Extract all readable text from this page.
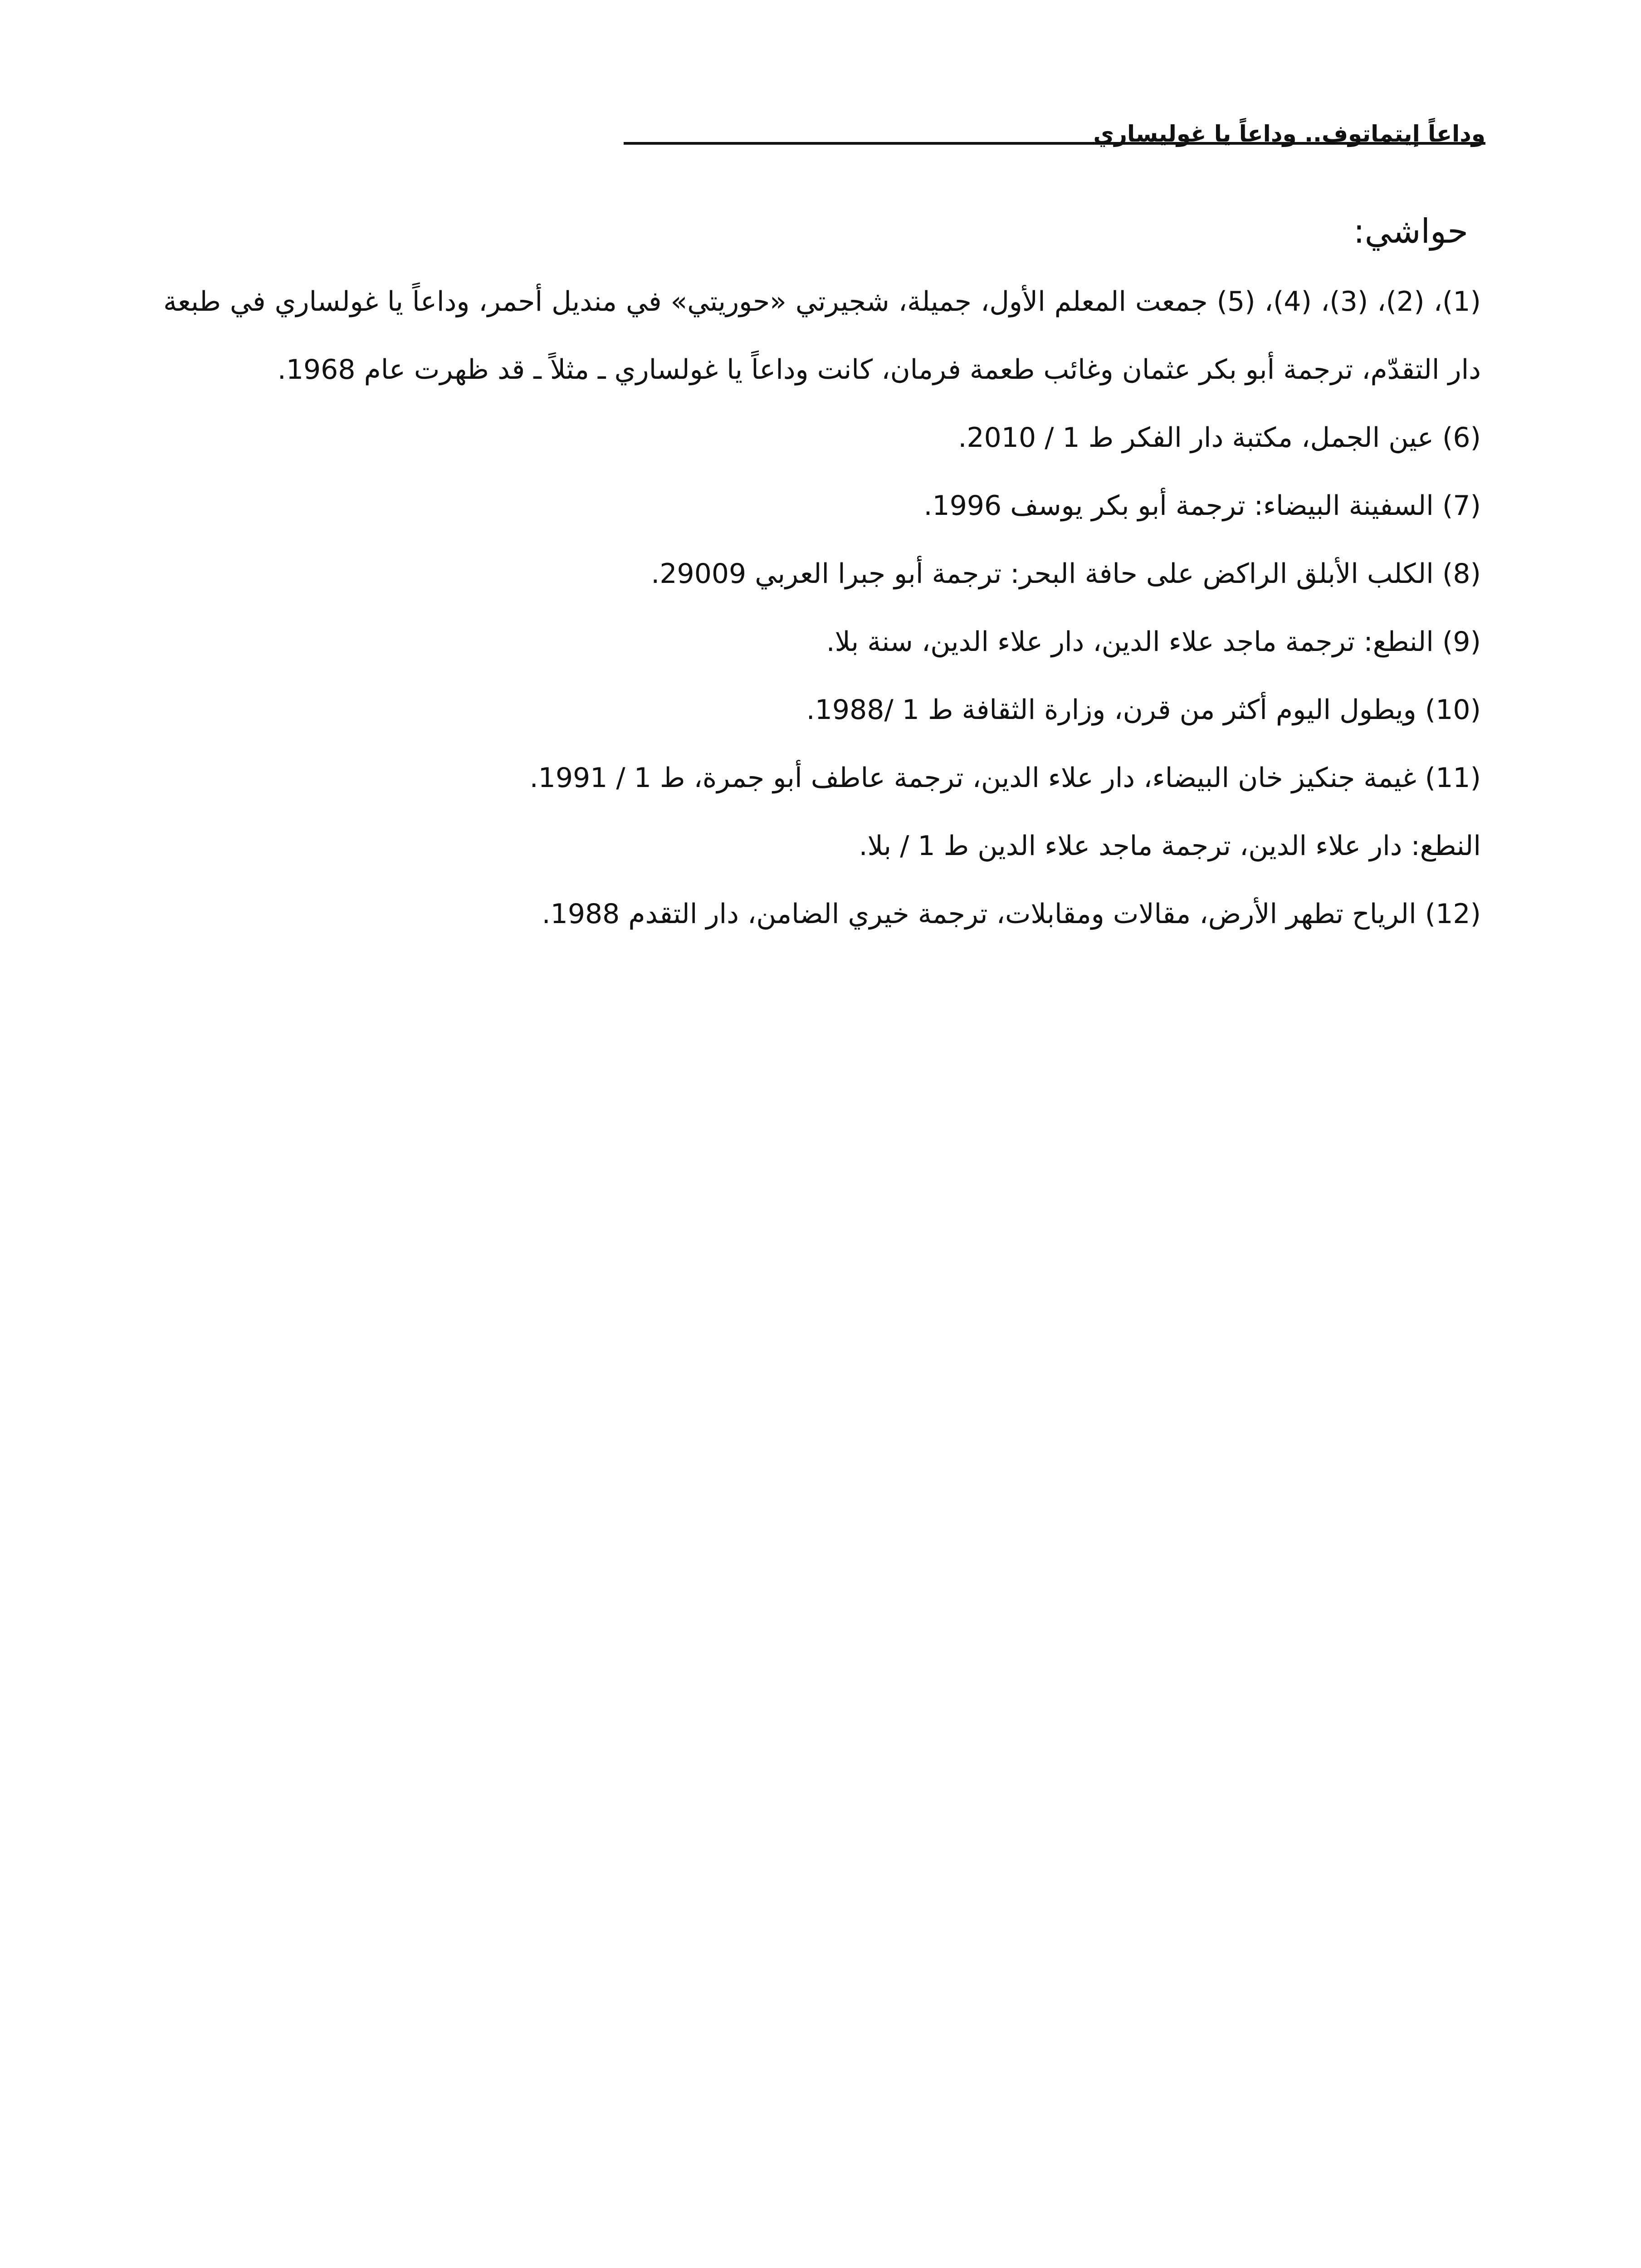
وداعاً إيتماتوف.. وداعاً يا غوليساري
حواشي:

(1)، (2)، (3)، (4)، (5) جمعت المعلم الأول، جميلة، شجيرتي «حوريتي» في منديل أحمر، وداعاً يا غولساري في طبعة دار التقدّم، ترجمة أبو بكر عثمان وغائب طعمة فرمان، كانت وداعاً يا غولساري ـ مثلاً ـ قد ظهرت عام 1968.

(6) عين الجمل، مكتبة دار الفكر ط 1 / 2010.

(7) السفينة البيضاء: ترجمة أبو بكر يوسف 1996.

(8) الكلب الأبلق الراكض على حافة البحر: ترجمة أبو جبرا العربي 29009.

(9) النطع: ترجمة ماجد علاء الدين، دار علاء الدين، سنة بلا.

(10) ويطول اليوم أكثر من قرن، وزارة الثقافة ط 1 /1988.

(11) غيمة جنكيز خان البيضاء، دار علاء الدين، ترجمة عاطف أبو جمرة، ط 1 / 1991.

النطع: دار علاء الدين، ترجمة ماجد علاء الدين ط 1 / بلا.

(12) الرياح تطهر الأرض، مقالات ومقابلات، ترجمة خيري الضامن، دار التقدم 1988.
